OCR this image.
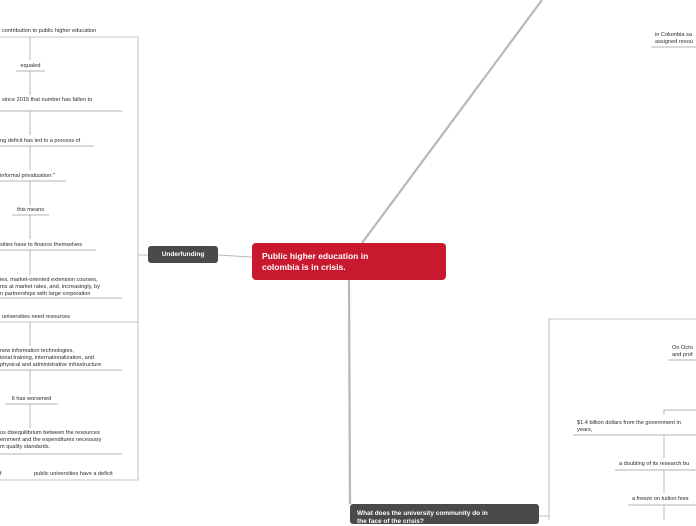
Public higher education in
colombia is in crisis.
Underfunding
What does the university community do in
the face of the crisis?
contribution to public higher education
equaled
since 2015 that number has fallen to
ng deficit has led to a process of
informal privatization:"
this means
sities have to finance themselves
ies, market-oriented extension courses,
ms at market rates, and, increasingly, by
n partnerships with large corporation
universities need resources
new information technologies,
ional training, internationalization, and
physical and administrative infrastructure
It has worsened
us disequilibrium between the resources
ernment and the expenditures necessary
m quality standards.
f	public universities have a deficit
in Colombia sa
assigned resou
On Octo
and prof
$1.4 billion dollars from the government in
years,
a doubling of its research bu
a freeze on tuition fees
